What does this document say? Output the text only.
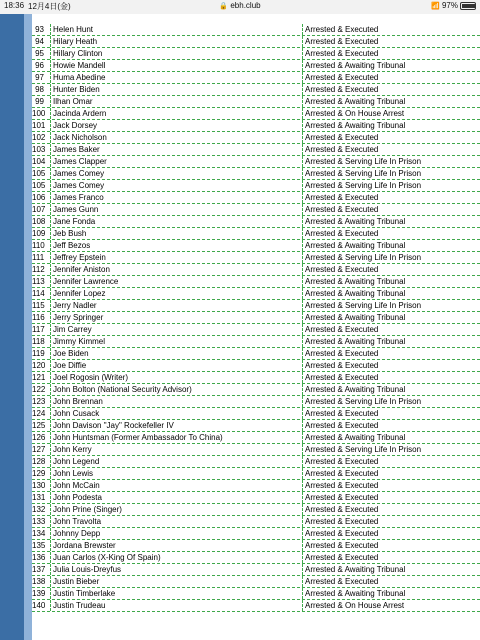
18:36 12月4日(金)	🔒 ebh.club	📶 97%
93	Helen Hunt	Arrested & Executed
94	Hilary Heath	Arrested & Executed
95	Hillary Clinton	Arrested & Executed
96	Howie Mandell	Arrested & Awaiting Tribunal
97	Huma Abedine	Arrested & Executed
98	Hunter Biden	Arrested & Executed
99	Ilhan Omar	Arrested & Awaiting Tribunal
100 Jacinda Ardern	Arrested & On House Arrest
101 Jack Dorsey	Arrested & Awaiting Tribunal
102 Jack Nicholson	Arrested & Executed
103 James Baker	Arrested & Executed
104 James Clapper	Arrested & Serving Life In Prison
105 James Comey	Arrested & Serving Life In Prison
105 James Comey	Arrested & Serving Life In Prison
106 James Franco	Arrested & Executed
107 James Gunn	Arrested & Executed
108 Jane Fonda	Arrested & Awaiting Tribunal
109 Jeb Bush	Arrested & Executed
110	Jeff Bezos	Arrested & Awaiting Tribunal
111	Jeffrey Epstein	Arrested & Serving Life In Prison
112	Jennifer Aniston	Arrested & Executed
113	Jennifer Lawrence	Arrested & Awaiting Tribunal
114	Jennifer Lopez	Arrested & Awaiting Tribunal
115	Jerry Nadler	Arrested & Serving Life In Prison
116	Jerry Springer	Arrested & Awaiting Tribunal
117	Jim Carrey	Arrested & Executed
118	Jimmy Kimmel	Arrested & Awaiting Tribunal
119	Joe Biden	Arrested & Executed
120 Joe Diffie	Arrested & Executed
121 Joel Rogosin (Writer)	Arrested & Executed
122 John Bolton (National Security Advisor)	Arrested & Awaiting Tribunal
123 John Brennan	Arrested & Serving Life In Prison
124 John Cusack	Arrested & Executed
125 John Davison "Jay" Rockefeller IV	Arrested & Executed
126 John Huntsman (Former Ambassador To China)	Arrested & Awaiting Tribunal
127 John Kerry	Arrested & Serving Life In Prison
128 John Legend	Arrested & Executed
129 John Lewis	Arrested & Executed
130 John McCain	Arrested & Executed
131 John Podesta	Arrested & Executed
132 John Prine (Singer)	Arrested & Executed
133 John Travolta	Arrested & Executed
134 Johnny Depp	Arrested & Executed
135 Jordana Brewster	Arrested & Executed
136 Juan Carlos (X-King Of Spain)	Arrested & Executed
137 Julia Louis-Dreyfus	Arrested & Awaiting Tribunal
138 Justin Bieber	Arrested & Executed
139 Justin Timberlake	Arrested & Awaiting Tribunal
140 Justin Trudeau	Arrested & On House Arrest
